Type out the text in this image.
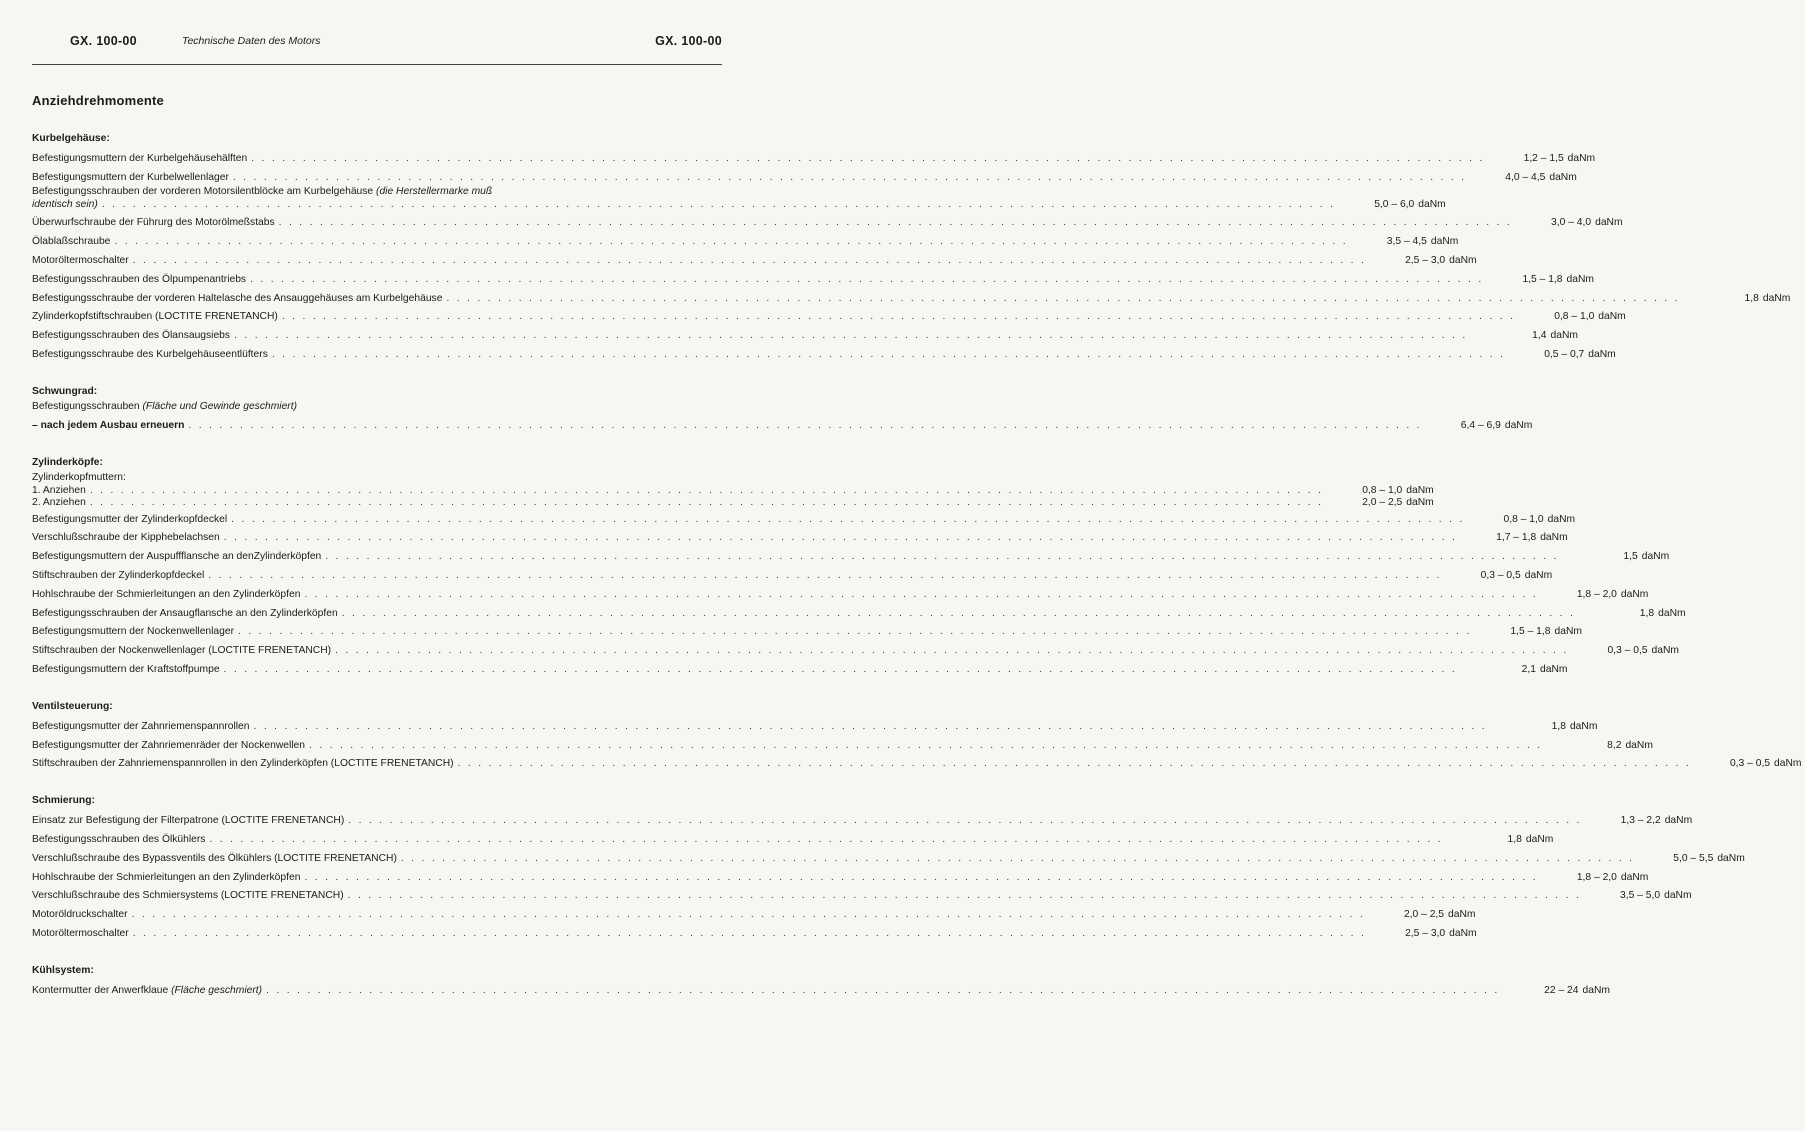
GX. 100-00	Technische Daten des Motors	GX. 100-00
Anziehdrehmomente
Kurbelgehäuse:
Befestigungsmuttern der Kurbelgehäusehälften . . . . . . . . . . . . . . . . . . . . . . . . . . . . . . . . . . . . . . . . . . . . . . . . . . . . . . . . . . . . . . . . . . . . . . . . . . . . . . . . . . . . . . . . . . . . . . . . . . . . . . . . . . . . . . . . . . . . . . . .	1,2 – 1,5 daNm
Befestigungsmuttern der Kurbelwellenlager . . . . . . . . . . . . . . . . . . . . . . . . . . . . . . . . . . . . . . . . . . . . . . . . . . . . . . . . . . . . . . . . . . . . . . . . . . . . . . . . . . . . . . . . . . . . . . . . . . . . . . . . . . . . . . . . . . . . . . . .	4,0 – 4,5 daNm
Befestigungsschrauben der vorderen Motorsilentblöcke am Kurbelgehäuse (die Herstellermarke muß
identisch sein) . . . . . . . . . . . . . . . . . . . . . . . . . . . . . . . . . . . . . . . . . . . . . . . . . . . . . . . . . . . . . . . . . . . . . . . . . . . . . . . . . . . . . . . . . . . . . . . . . . . . . . . . . . . . . . . . . . . . . . . .	5,0 – 6,0 daNm
Überwurfschraube der Führurg des Motorölmeßstabs . . . . . . . . . . . . . . . . . . . . . . . . . . . . . . . . . . . . . . . . . . . . . . . . . . . . . . . . . . . . . . . . . . . . . . . . . . . . . . . . . . . . . . . . . . . . . . . . . . . . . . . . . . . . . . . . . . . . . . . .	3,0 – 4,0 daNm
Ölablaßschraube . . . . . . . . . . . . . . . . . . . . . . . . . . . . . . . . . . . . . . . . . . . . . . . . . . . . . . . . . . . . . . . . . . . . . . . . . . . . . . . . . . . . . . . . . . . . . . . . . . . . . . . . . . . . . . . . . . . . . . . .	3,5 – 4,5 daNm
Motoröltermoschalter . . . . . . . . . . . . . . . . . . . . . . . . . . . . . . . . . . . . . . . . . . . . . . . . . . . . . . . . . . . . . . . . . . . . . . . . . . . . . . . . . . . . . . . . . . . . . . . . . . . . . . . . . . . . . . . . . . . . . . . .	2,5 – 3,0 daNm
Befestigungsschrauben des Ölpumpenantriebs . . . . . . . . . . . . . . . . . . . . . . . . . . . . . . . . . . . . . . . . . . . . . . . . . . . . . . . . . . . . . . . . . . . . . . . . . . . . . . . . . . . . . . . . . . . . . . . . . . . . . . . . . . . . . . . . . . . . . . . .	1,5 – 1,8 daNm
Befestigungsschraube der vorderen Haltelasche des Ansauggehäuses am Kurbelgehäuse . . . . . . . . . . . . . . . . . . . . . . . . . . . . . . . . . . . . . . . . . . . . . . . . . . . . . . . . . . . . . . . . . . . . . . . . . . . . . . . . . . . . . . . . . . . . . . . . . . . . . . . . . . . . . . . . . . . . . . . .	1,8 daNm
Zylinderkopfstiftschrauben (LOCTITE FRENETANCH) . . . . . . . . . . . . . . . . . . . . . . . . . . . . . . . . . . . . . . . . . . . . . . . . . . . . . . . . . . . . . . . . . . . . . . . . . . . . . . . . . . . . . . . . . . . . . . . . . . . . . . . . . . . . . . . . . . . . . . . .	0,8 – 1,0 daNm
Befestigungsschrauben des Ölansaugsiebs . . . . . . . . . . . . . . . . . . . . . . . . . . . . . . . . . . . . . . . . . . . . . . . . . . . . . . . . . . . . . . . . . . . . . . . . . . . . . . . . . . . . . . . . . . . . . . . . . . . . . . . . . . . . . . . . . . . . . . . .	1,4 daNm
Befestigungsschraube des Kurbelgehäuseentlüfters . . . . . . . . . . . . . . . . . . . . . . . . . . . . . . . . . . . . . . . . . . . . . . . . . . . . . . . . . . . . . . . . . . . . . . . . . . . . . . . . . . . . . . . . . . . . . . . . . . . . . . . . . . . . . . . . . . . . . . . .	0,5 – 0,7 daNm
Schwungrad:
Befestigungsschrauben (Fläche und Gewinde geschmiert)
– nach jedem Ausbau erneuern . . . . . . . . . . . . . . . . . . . . . . . . . . . . . . . . . . . . . . . . . . . . . . . . . . . . . . . . . . . . . . . . . . . . . . . . . . . . . . . . . . . . . . . . . . . . . . . . . . . . . . . . . . . . . . . . . . . . . . . .	6,4 – 6,9 daNm
Zylinderköpfe:
Zylinderkopfmuttern:
1. Anziehen . . . . . . . . . . . . . . . . . . . . . . . . . . . . . . . . . . . . . . . . . . . . . . . . . . . . . . . . . . . . . . . . . . . . . . . . . . . . . . . . . . . . . . . . . . . . . . . . . . . . . . . . . . . . . . . . . . . . . . . .	0,8 – 1,0 daNm
2. Anziehen . . . . . . . . . . . . . . . . . . . . . . . . . . . . . . . . . . . . . . . . . . . . . . . . . . . . . . . . . . . . . . . . . . . . . . . . . . . . . . . . . . . . . . . . . . . . . . . . . . . . . . . . . . . . . . . . . . . . . . . .	2,0 – 2,5 daNm
Befestigungsmutter der Zylinderkopfdeckel . . . . . . . . . . . . . . . . . . . . . . . . . . . . . . . . . . . . . . . . . . . . . . . . . . . . . . . . . . . . . . . . . . . . . . . . . . . . . . . . . . . . . . . . . . . . . . . . . . . . . . . . . . . . . . . . . . . . . . . .	0,8 – 1,0 daNm
Verschlußschraube der Kipphebelachsen . . . . . . . . . . . . . . . . . . . . . . . . . . . . . . . . . . . . . . . . . . . . . . . . . . . . . . . . . . . . . . . . . . . . . . . . . . . . . . . . . . . . . . . . . . . . . . . . . . . . . . . . . . . . . . . . . . . . . . . .	1,7 – 1,8 daNm
Befestigungsmuttern der Auspuffflansche an denZylinderköpfen . . . . . . . . . . . . . . . . . . . . . . . . . . . . . . . . . . . . . . . . . . . . . . . . . . . . . . . . . . . . . . . . . . . . . . . . . . . . . . . . . . . . . . . . . . . . . . . . . . . . . . . . . . . . . . . . . . . . . . . .	1,5 daNm
Stiftschrauben der Zylinderkopfdeckel . . . . . . . . . . . . . . . . . . . . . . . . . . . . . . . . . . . . . . . . . . . . . . . . . . . . . . . . . . . . . . . . . . . . . . . . . . . . . . . . . . . . . . . . . . . . . . . . . . . . . . . . . . . . . . . . . . . . . . . .	0,3 – 0,5 daNm
Hohlschraube der Schmierleitungen an den Zylinderköpfen . . . . . . . . . . . . . . . . . . . . . . . . . . . . . . . . . . . . . . . . . . . . . . . . . . . . . . . . . . . . . . . . . . . . . . . . . . . . . . . . . . . . . . . . . . . . . . . . . . . . . . . . . . . . . . . . . . . . . . . .	1,8 – 2,0 daNm
Befestigungsschrauben der Ansaugflansche an den Zylinderköpfen . . . . . . . . . . . . . . . . . . . . . . . . . . . . . . . . . . . . . . . . . . . . . . . . . . . . . . . . . . . . . . . . . . . . . . . . . . . . . . . . . . . . . . . . . . . . . . . . . . . . . . . . . . . . . . . . . . . . . . . .	1,8 daNm
Befestigungsmuttern der Nockenwellenlager . . . . . . . . . . . . . . . . . . . . . . . . . . . . . . . . . . . . . . . . . . . . . . . . . . . . . . . . . . . . . . . . . . . . . . . . . . . . . . . . . . . . . . . . . . . . . . . . . . . . . . . . . . . . . . . . . . . . . . . .	1,5 – 1,8 daNm
Stiftschrauben der Nockenwellenlager (LOCTITE FRENETANCH) . . . . . . . . . . . . . . . . . . . . . . . . . . . . . . . . . . . . . . . . . . . . . . . . . . . . . . . . . . . . . . . . . . . . . . . . . . . . . . . . . . . . . . . . . . . . . . . . . . . . . . . . . . . . . . . . . . . . . . . .	0,3 – 0,5 daNm
Befestigungsmuttern der Kraftstoffpumpe . . . . . . . . . . . . . . . . . . . . . . . . . . . . . . . . . . . . . . . . . . . . . . . . . . . . . . . . . . . . . . . . . . . . . . . . . . . . . . . . . . . . . . . . . . . . . . . . . . . . . . . . . . . . . . . . . . . . . . . .	2,1 daNm
Ventilsteuerung:
Befestigungsmutter der Zahnriemenspannrollen . . . . . . . . . . . . . . . . . . . . . . . . . . . . . . . . . . . . . . . . . . . . . . . . . . . . . . . . . . . . . . . . . . . . . . . . . . . . . . . . . . . . . . . . . . . . . . . . . . . . . . . . . . . . . . . . . . . . . . . .	1,8 daNm
Befestigungsmutter der Zahnriemenräder der Nockenwellen . . . . . . . . . . . . . . . . . . . . . . . . . . . . . . . . . . . . . . . . . . . . . . . . . . . . . . . . . . . . . . . . . . . . . . . . . . . . . . . . . . . . . . . . . . . . . . . . . . . . . . . . . . . . . . . . . . . . . . . .	8,2 daNm
Stiftschrauben der Zahnriemenspannrollen in den Zylinderköpfen (LOCTITE FRENETANCH) . . . . . . . . . . . . . . . . . . . . . . . . . . . . . . . . . . . . . . . . . . . . . . . . . . . . . . . . . . . . . . . . . . . . . . . . . . . . . . . . . . . . . . . . . . . . . . . . . . . . . . . . . . . . . . . . . . . . . . . .	0,3 – 0,5 daNm
Schmierung:
Einsatz zur Befestigung der Filterpatrone (LOCTITE FRENETANCH) . . . . . . . . . . . . . . . . . . . . . . . . . . . . . . . . . . . . . . . . . . . . . . . . . . . . . . . . . . . . . . . . . . . . . . . . . . . . . . . . . . . . . . . . . . . . . . . . . . . . . . . . . . . . . . . . . . . . . . . .	1,3 – 2,2 daNm
Befestigungsschrauben des Ölkühlers . . . . . . . . . . . . . . . . . . . . . . . . . . . . . . . . . . . . . . . . . . . . . . . . . . . . . . . . . . . . . . . . . . . . . . . . . . . . . . . . . . . . . . . . . . . . . . . . . . . . . . . . . . . . . . . . . . . . . . . .	1,8 daNm
Verschlußschraube des Bypassventils des Ölkühlers (LOCTITE FRENETANCH) . . . . . . . . . . . . . . . . . . . . . . . . . . . . . . . . . . . . . . . . . . . . . . . . . . . . . . . . . . . . . . . . . . . . . . . . . . . . . . . . . . . . . . . . . . . . . . . . . . . . . . . . . . . . . . . . . . . . . . . .	5,0 – 5,5 daNm
Hohlschraube der Schmierleitungen an den Zylinderköpfen . . . . . . . . . . . . . . . . . . . . . . . . . . . . . . . . . . . . . . . . . . . . . . . . . . . . . . . . . . . . . . . . . . . . . . . . . . . . . . . . . . . . . . . . . . . . . . . . . . . . . . . . . . . . . . . . . . . . . . . .	1,8 – 2,0 daNm
Verschlußschraube des Schmiersystems (LOCTITE FRENETANCH) . . . . . . . . . . . . . . . . . . . . . . . . . . . . . . . . . . . . . . . . . . . . . . . . . . . . . . . . . . . . . . . . . . . . . . . . . . . . . . . . . . . . . . . . . . . . . . . . . . . . . . . . . . . . . . . . . . . . . . . .	3,5 – 5,0 daNm
Motoröldruckschalter . . . . . . . . . . . . . . . . . . . . . . . . . . . . . . . . . . . . . . . . . . . . . . . . . . . . . . . . . . . . . . . . . . . . . . . . . . . . . . . . . . . . . . . . . . . . . . . . . . . . . . . . . . . . . . . . . . . . . . . .	2,0 – 2,5 daNm
Motoröltermoschalter . . . . . . . . . . . . . . . . . . . . . . . . . . . . . . . . . . . . . . . . . . . . . . . . . . . . . . . . . . . . . . . . . . . . . . . . . . . . . . . . . . . . . . . . . . . . . . . . . . . . . . . . . . . . . . . . . . . . . . . .	2,5 – 3,0 daNm
Kühlsystem:
Kontermutter der Anwerfklaue (Fläche geschmiert) . . . . . . . . . . . . . . . . . . . . . . . . . . . . . . . . . . . . . . . . . . . . . . . . . . . . . . . . . . . . . . . . . . . . . . . . . . . . . . . . . . . . . . . . . . . . . . . . . . . . . . . . . . . . . . . . . . . . . . . .	22 – 24 daNm
